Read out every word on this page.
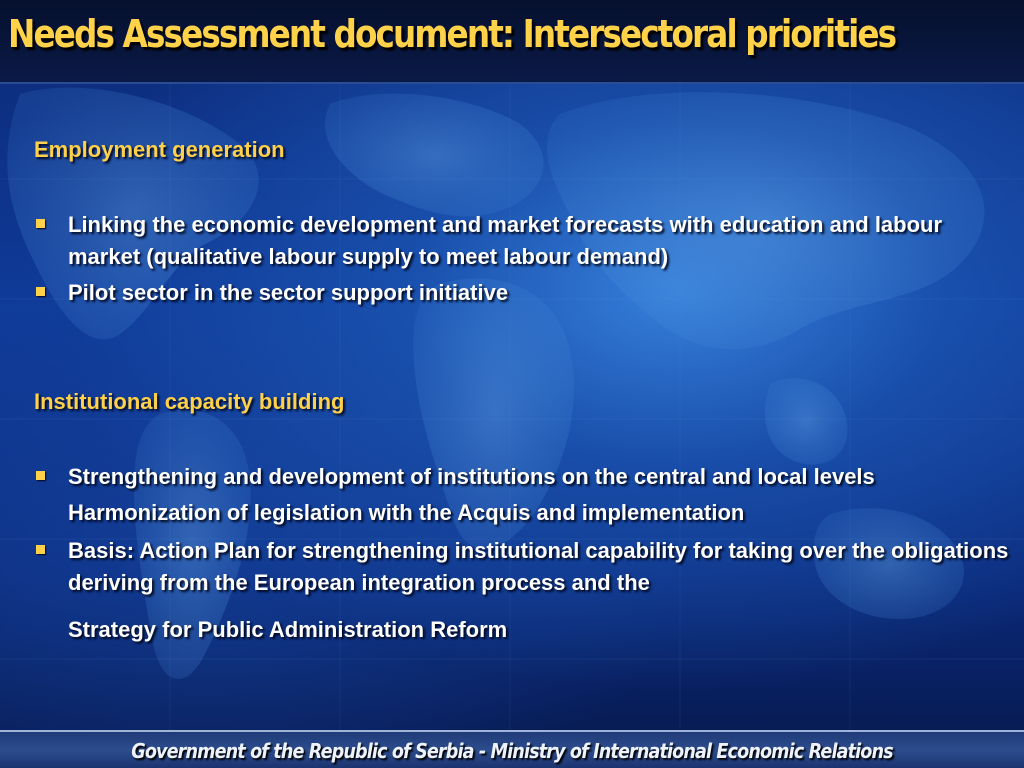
Needs Assessment document: Intersectoral priorities
Employment generation
Linking the economic development and market forecasts with education and labour market (qualitative labour supply to meet labour demand)
Pilot sector in the sector support initiative
Institutional capacity building
Strengthening and development of institutions on the central and local levels
Harmonization of legislation with the Acquis and implementation
Basis: Action Plan for strengthening institutional capability for taking over the obligations deriving from the European integration process and the
Strategy for Public Administration Reform
Government of the Republic of Serbia - Ministry of International Economic Relations
